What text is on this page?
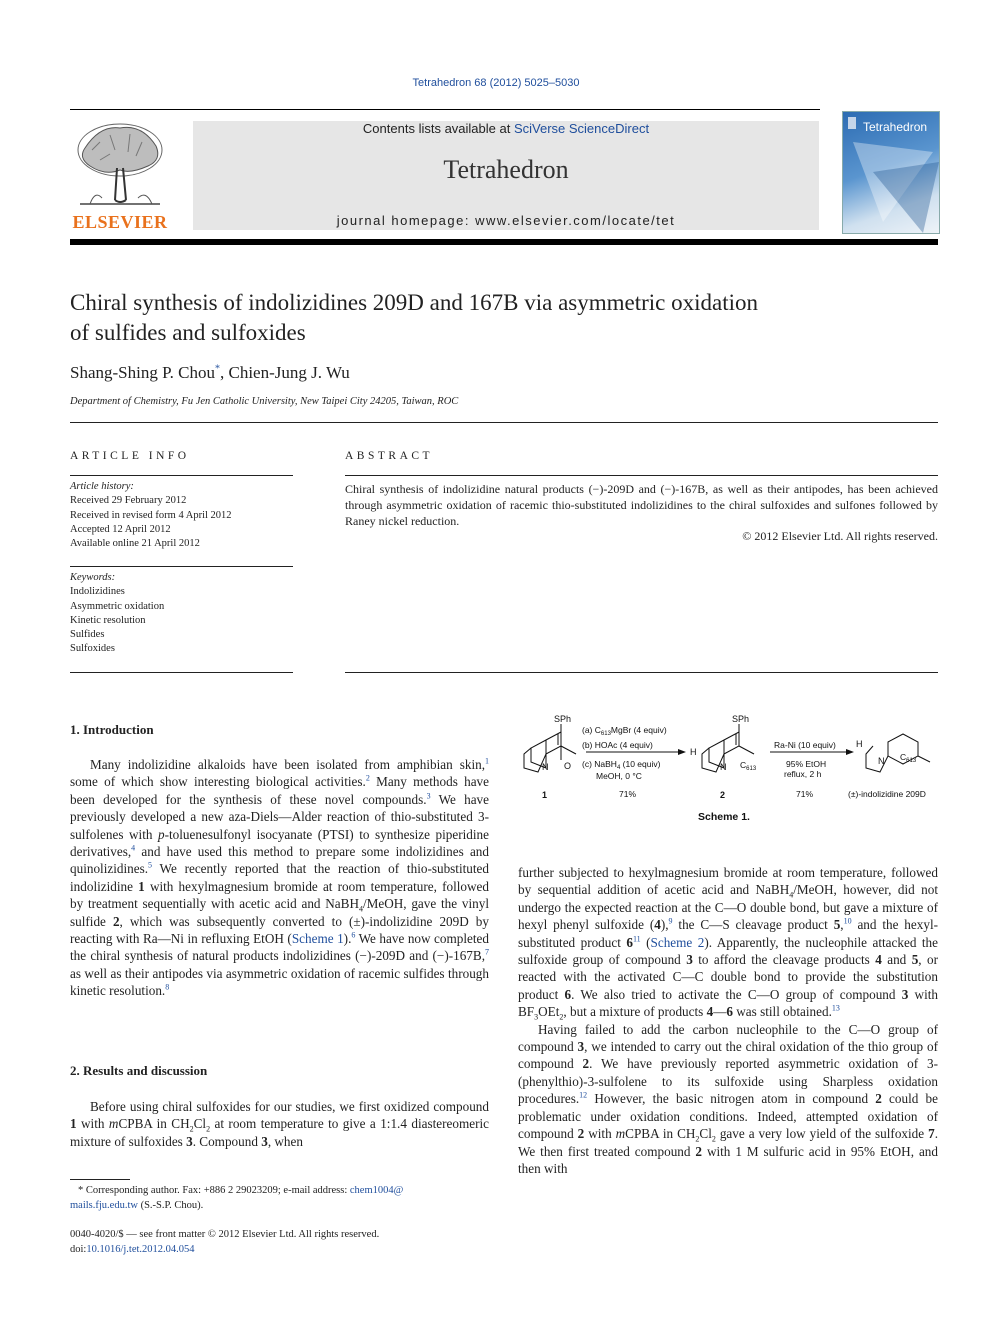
Tetrahedron 68 (2012) 5025–5030
ELSEVIER
Contents lists available at SciVerse ScienceDirect
Tetrahedron
journal homepage: www.elsevier.com/locate/tet
Tetrahedron
Chiral synthesis of indolizidines 209D and 167B via asymmetric oxidation
of sulfides and sulfoxides
Shang-Shing P. Chou*, Chien-Jung J. Wu
Department of Chemistry, Fu Jen Catholic University, New Taipei City 24205, Taiwan, ROC
ARTICLE INFO
Article history:
Received 29 February 2012
Received in revised form 4 April 2012
Accepted 12 April 2012
Available online 21 April 2012
Keywords:
Indolizidines
Asymmetric oxidation
Kinetic resolution
Sulfides
Sulfoxides
ABSTRACT
Chiral synthesis of indolizidine natural products (−)-209D and (−)-167B, as well as their antipodes, has been achieved through asymmetric oxidation of racemic thio-substituted indolizidines to the chiral sulfoxides and sulfones followed by Raney nickel reduction.
© 2012 Elsevier Ltd. All rights reserved.
1. Introduction

Many indolizidine alkaloids have been isolated from amphibian skin,$^1$ some of which show interesting biological activities.$^2$ Many methods have been developed for the synthesis of these novel compounds.$^3$ We have previously developed a new aza-Diels—Alder reaction of thio-substituted 3-sulfolenes with p-toluenesulfonyl isocyanate (PTSI) to synthesize piperidine derivatives,$^4$ and have used this method to prepare some indolizidines and quinolizidines.$^5$ We recently reported that the reaction of thio-substituted indolizidine 1 with hexylmagnesium bromide at room temperature, followed by treatment sequentially with acetic acid and NaBH$_4$/MeOH, gave the vinyl sulfide 2, which was subsequently converted to (±)-indolizidine 209D by reacting with Ra—Ni in refluxing EtOH (Scheme 1).$^6$ We have now completed the chiral synthesis of natural products indolizidines (−)-209D and (−)-167B,$^7$ as well as their antipodes via asymmetric oxidation of racemic sulfides through kinetic resolution.$^8$

2. Results and discussion

Before using chiral sulfoxides for our studies, we first oxidized compound 1 with mCPBA in $CH_2Cl_2$ at room temperature to give a 1:1.4 diastereomeric mixture of sulfoxides 3. Compound 3, when

* Corresponding author. Fax: +886 2 29023209; e-mail address: chem1004@
mails.fju.edu.tw (S.-S.P. Chou).
0040-4020/$ — see front matter © 2012 Elsevier Ltd. All rights reserved.
doi:10.1016/j.tet.2012.04.054
SPh
O
N
1
(a) $C_613MgBr$ (4 equiv)
(b) HOAc (4 equiv)
(c) NaBH$_4$ (10 equiv)
MeOH, 0 °C
71%
SPh
H
N $C_613$
2
Ra-Ni (10 equiv)
95% EtOH
reflux, 2 h
71%
H
N $C_613$
(±)-indolizidine 209D
Scheme 1.

further subjected to hexylmagnesium bromide at room temperature, followed by sequential addition of acetic acid and NaBH$_4$/MeOH, however, did not undergo the expected reaction at the C—O double bond, but gave a mixture of hexyl phenyl sulfoxide (4),$^9$ the C—S cleavage product 5,10 and the hexyl-substituted product $6^{11}$ (Scheme 2). Apparently, the nucleophile attacked the sulfoxide group of compound 3 to afford the cleavage products 4 and 5, or reacted with the activated C—C double bond to provide the substitution product 6. We also tried to activate the C—O group of compound 3 with $BF_3OEt_2$, but a mixture of products 4—6 was still obtained.$^{13}$

Having failed to add the carbon nucleophile to the C—O group of compound 3, we intended to carry out the chiral oxidation of the thio group of compound 2. We have previously reported asymmetric oxidation of 3-(phenylthio)-3-sulfolene to its sulfoxide using Sharpless oxidation procedures.$^{12}$ However, the basic nitrogen atom in compound 2 could be problematic under oxidation conditions. Indeed, attempted oxidation of compound 2 with mCPBA in $CH_2Cl_2$ gave a very low yield of the sulfoxide 7. We then first treated compound 2 with 1 M sulfuric acid in 95% EtOH, and then with
